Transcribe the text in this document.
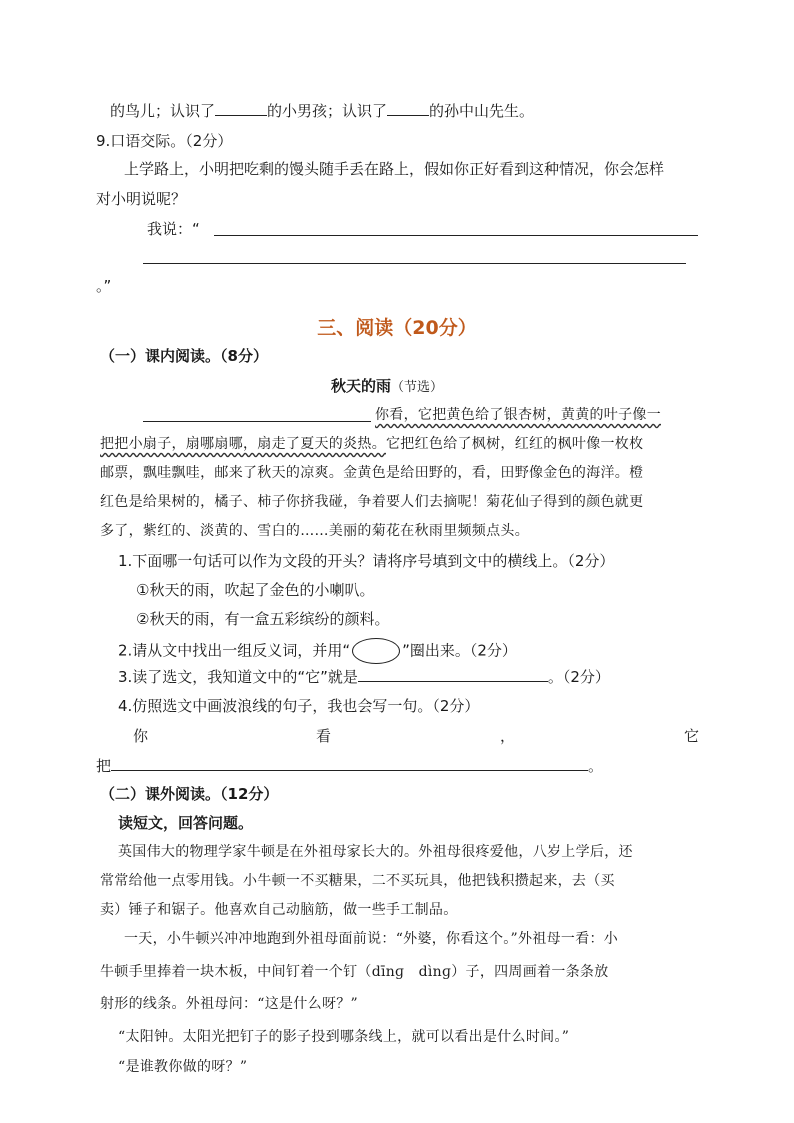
的鸟儿；认识了	的小男孩；认识了	的孙中山先生。
9.口语交际。（2分）
上学路上，小明把吃剩的馒头随手丢在路上，假如你正好看到这种情况，你会怎样
对小明说呢？
我说：“
。”
三、阅读（20分）
（一）课内阅读。（8分）
秋天的雨（节选）
你看，它把黄色给了银杏树，黄黄的叶子像一
把把小扇子，扇哪扇哪，扇走了夏天的炎热。它把红色给了枫树，红红的枫叶像一枚枚
邮票，飘哇飘哇，邮来了秋天的凉爽。金黄色是给田野的，看，田野像金色的海洋。橙
红色是给果树的，橘子、柿子你挤我碰，争着要人们去摘呢！菊花仙子得到的颜色就更
多了，紫红的、淡黄的、雪白的……美丽的菊花在秋雨里频频点头。
1.下面哪一句话可以作为文段的开头？请将序号填到文中的横线上。（2分）
①秋天的雨，吹起了金色的小喇叭。
②秋天的雨，有一盒五彩缤纷的颜料。
2.请从文中找出一组反义词，并用“	”圈出来。（2分）
3.读了选文，我知道文中的“它”就是	。（2分）
4.仿照选文中画波浪线的句子，我也会写一句。（2分）
你	看	，	它
把	。
（二）课外阅读。（12分）
读短文，回答问题。
英国伟大的物理学家牛顿是在外祖母家长大的。外祖母很疼爱他，八岁上学后，还
常常给他一点零用钱。小牛顿一不买糖果，二不买玩具，他把钱积攒起来，去（买
卖）锤子和锯子。他喜欢自己动脑筋，做一些手工制品。
一天，小牛顿兴冲冲地跑到外祖母面前说：“外婆，你看这个。”外祖母一看：小
牛顿手里捧着一块木板，中间钉着一个钉（dīnɡ　dìnɡ）子，四周画着一条条放
射形的线条。外祖母问：“这是什么呀？”
“太阳钟。太阳光把钉子的影子投到哪条线上，就可以看出是什么时间。”
“是谁教你做的呀？”
